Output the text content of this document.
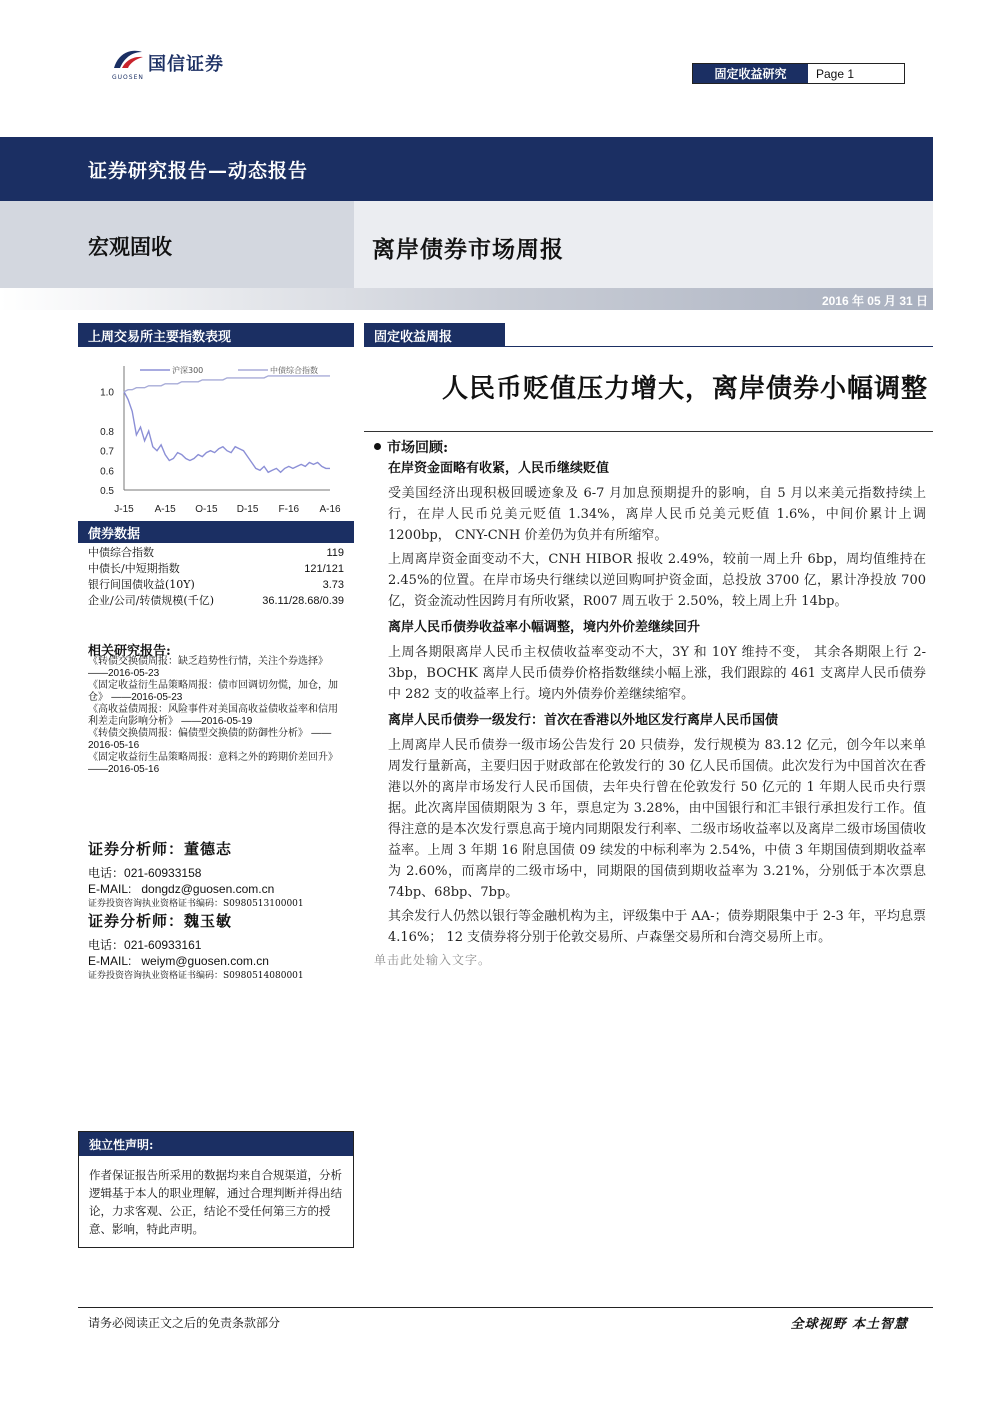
国信证券
GUOSEN	固定收益研究	Page 1
证券研究报告—动态报告
宏观固收	离岸债券市场周报
2016 年 05 月 31 日
上周交易所主要指数表现
沪深300	中债综合指数
1.0
0.8
0.7
0.6
0.5
J-15 A-15 O-15 D-15 F-16 A-16
债券数据
中债综合指数	119
中债长/中短期指数	121/121
银行间国债收益(10Y)	3.73
企业/公司/转债规模(千亿)	36.11/28.68/0.39
相关研究报告:
《转债交换债周报：缺乏趋势性行情，关注个券选择》 ——2016-05-23
《固定收益衍生品策略周报：债市回调切勿慌，加仓，加仓》 ——2016-05-23
《高收益债周报：风险事件对美国高收益债收益率和信用利差走向影响分析》 ——2016-05-19
《转债交换债周报：偏债型交换债的防御性分析》 ——2016-05-16
《固定收益衍生品策略周报：意料之外的跨期价差回升》 ——2016-05-16
证券分析师：董德志
电话：021-60933158
E-MAIL: dongdz@guosen.com.cn
证券投资咨询执业资格证书编码：S0980513100001
证券分析师：魏玉敏
电话：021-60933161
E-MAIL: weiym@guosen.com.cn
证券投资咨询执业资格证书编码：S0980514080001
独立性声明:
作者保证报告所采用的数据均来自合规渠道，分析逻辑基于本人的职业理解，通过合理判断并得出结论，力求客观、公正，结论不受任何第三方的授意、影响，特此声明。
固定收益周报
人民币贬值压力增大，离岸债券小幅调整
市场回顾:
在岸资金面略有收紧，人民币继续贬值
受美国经济出现积极回暖迹象及 6-7 月加息预期提升的影响，自 5 月以来美元指数持续上行，在岸人民币兑美元贬值 1.34%，离岸人民币兑美元贬值 1.6%，中间价累计上调 1200bp， CNY-CNH 价差仍为负并有所缩窄。
上周离岸资金面变动不大，CNH HIBOR 报收 2.49%，较前一周上升 6bp，周均值维持在 2.45%的位置。在岸市场央行继续以逆回购呵护资金面，总投放 3700 亿，累计净投放 700 亿，资金流动性因跨月有所收紧，R007 周五收于 2.50%，较上周上升 14bp。
离岸人民币债券收益率小幅调整，境内外价差继续回升
上周各期限离岸人民币主权债收益率变动不大，3Y 和 10Y 维持不变， 其余各期限上行 2-3bp，BOCHK 离岸人民币债券价格指数继续小幅上涨，我们跟踪的 461 支离岸人民币债券中 282 支的收益率上行。境内外债券价差继续缩窄。
离岸人民币债券一级发行：首次在香港以外地区发行离岸人民币国债
上周离岸人民币债券一级市场公告发行 20 只债券，发行规模为 83.12 亿元，创今年以来单周发行量新高，主要归因于财政部在伦敦发行的 30 亿人民币国债。此次发行为中国首次在香港以外的离岸市场发行人民币国债，去年央行曾在伦敦发行 50 亿元的 1 年期人民币央行票据。此次离岸国债期限为 3 年，票息定为 3.28%，由中国银行和汇丰银行承担发行工作。值得注意的是本次发行票息高于境内同期限发行利率、二级市场收益率以及离岸二级市场国债收益率。上周 3 年期 16 附息国债 09 续发的中标利率为 2.54%，中债 3 年期国债到期收益率为 2.60%，而离岸的二级市场中，同期限的国债到期收益率为 3.21%，分别低于本次票息 74bp、68bp、7bp。
其余发行人仍然以银行等金融机构为主，评级集中于 AA-；债券期限集中于 2-3 年，平均息票 4.16%； 12 支债券将分别于伦敦交易所、卢森堡交易所和台湾交易所上市。
单击此处输入文字。
请务必阅读正文之后的免责条款部分	全球视野 本土智慧
